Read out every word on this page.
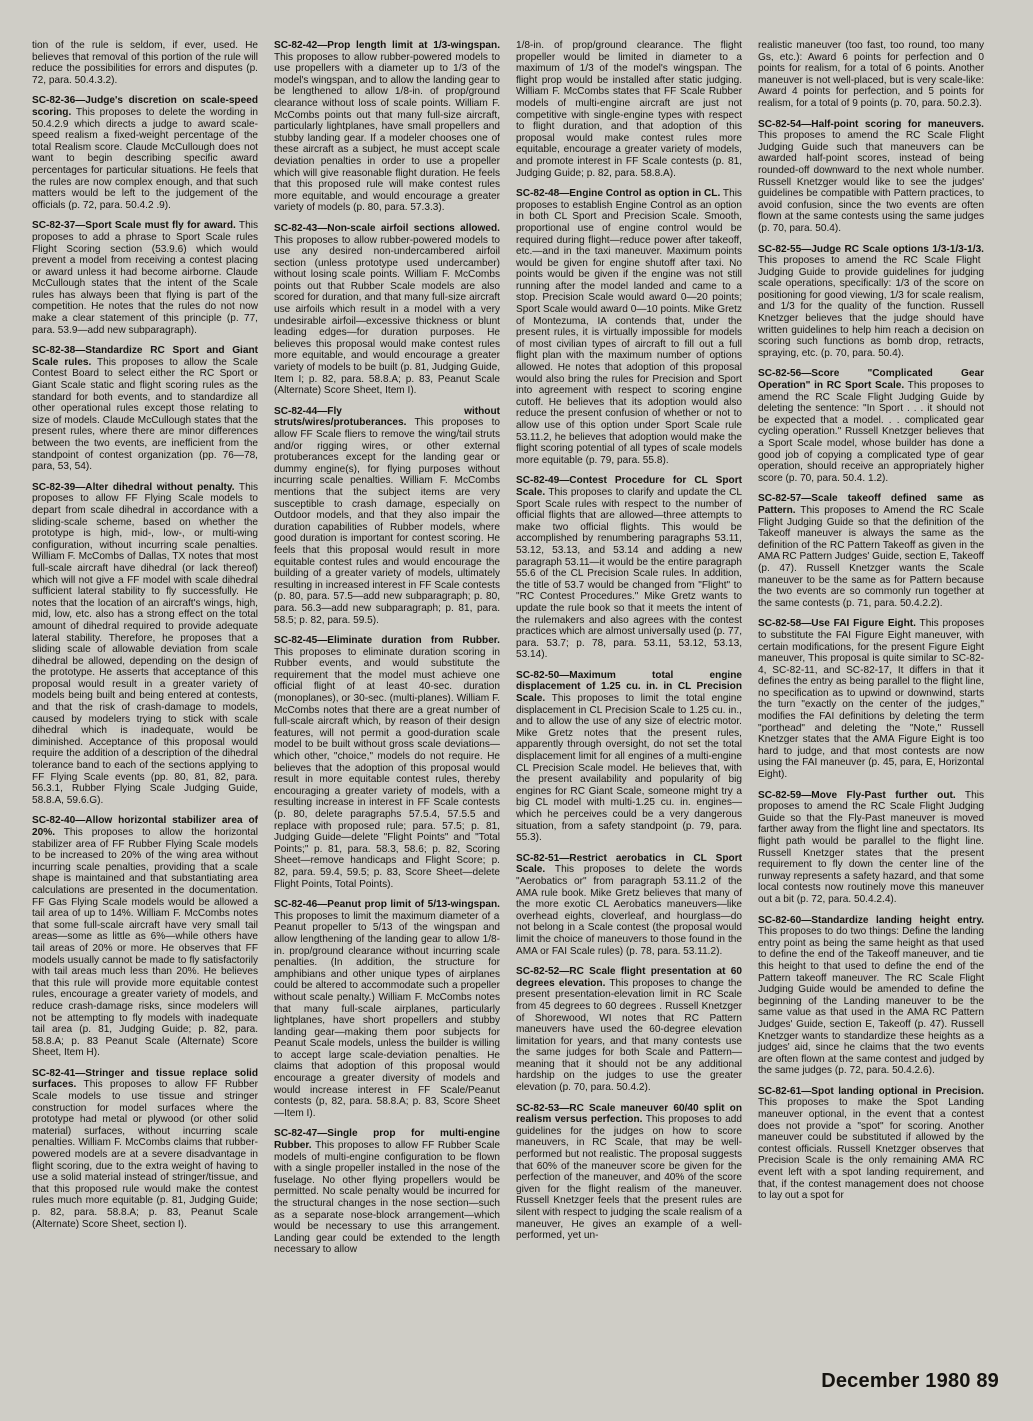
tion of the rule is seldom, if ever, used. He believes that removal of this portion of the rule will reduce the possibilities for errors and disputes (p. 72, para. 50.4.3.2).

SC-82-36—Judge's discretion on scale-speed scoring. This proposes to delete the wording in 50.4.2.9 which directs a judge to award scale-speed realism a fixed-weight percentage of the total Realism score. Claude McCullough does not want to begin describing specific award percentages for particular situations. He feels that the rules are now complex enough, and that such matters would be left to the judgement of the officials (p. 72, para. 50.4.2 .9).

SC-82-37—Sport Scale must fly for award. This proposes to add a phrase to Sport Scale rules Flight Scoring section (53.9.6) which would prevent a model from receiving a contest placing or award unless it had become airborne. Claude McCullough states that the intent of the Scale rules has always been that flying is part of the competition. He notes that the rules do not now make a clear statement of this principle (p. 77, para. 53.9—add new subparagraph).

SC-82-38—Standardize RC Sport and Giant Scale rules. This proposes to allow the Scale Contest Board to select either the RC Sport or Giant Scale static and flight scoring rules as the standard for both events, and to standardize all other operational rules except those relating to size of models. Claude McCullough states that the present rules, where there are minor differences between the two events, are inefficient from the standpoint of contest organization (pp. 76—78, para, 53, 54).

SC-82-39—Alter dihedral without penalty. This proposes to allow FF Flying Scale models to depart from scale dihedral in accordance with a sliding-scale scheme, based on whether the prototype is high, mid-, low-, or multi-wing configuration, without incurring scale penalties. William F. McCombs of Dallas, TX notes that most full-scale aircraft have dihedral (or lack thereof) which will not give a FF model with scale dihedral sufficient lateral stability to fly successfully. He notes that the location of an aircraft's wings, high, mid, low, etc. also has a strong effect on the total amount of dihedral required to provide adequate lateral stability. Therefore, he proposes that a sliding scale of allowable deviation from scale dihedral be allowed, depending on the design of the prototype. He asserts that acceptance of this proposal would result in a greater variety of models being built and being entered at contests, and that the risk of crash-damage to models, caused by modelers trying to stick with scale dihedral which is inadequate, would be diminished. Acceptance of this proposal would require the addition of a description of the dihedral tolerance band to each of the sections applying to FF Flying Scale events (pp. 80, 81, 82, para. 56.3.1, Rubber Flying Scale Judging Guide, 58.8.A, 59.6.G).

SC-82-40—Allow horizontal stabilizer area of 20%. This proposes to allow the horizontal stabilizer area of FF Rubber Flying Scale models to be increased to 20% of the wing area without incurring scale penalties, providing that a scale shape is maintained and that substantiating area calculations are presented in the documentation. FF Gas Flying Scale models would be allowed a tail area of up to 14%. William F. McCombs notes that some full-scale aircraft have very small tail areas—some as little as 6%—while others have tail areas of 20% or more. He observes that FF models usually cannot be made to fly satisfactorily with tail areas much less than 20%. He believes that this rule will provide more equitable contest rules, encourage a greater variety of models, and reduce crash-damage risks, since modelers will not be attempting to fly models with inadequate tail area (p. 81, Judging Guide; p. 82, para. 58.8.A; p. 83 Peanut Scale (Alternate) Score Sheet, Item H).

SC-82-41—Stringer and tissue replace solid surfaces. This proposes to allow FF Rubber Scale models to use tissue and stringer construction for model surfaces where the prototype had metal or plywood (or other solid material) surfaces, without incurring scale penalties. William F. McCombs claims that rubber-powered models are at a severe disadvantage in flight scoring, due to the extra weight of having to use a solid material instead of stringer/tissue, and that this proposed rule would make the contest rules much more equitable (p. 81, Judging Guide; p. 82, para. 58.8.A; p. 83, Peanut Scale (Alternate) Score Sheet, section I).

SC-82-42—Prop length limit at 1/3-wingspan. This proposes to allow rubber-powered models to use propellers with a diameter up to 1/3 of the model's wingspan, and to allow the landing gear to be lengthened to allow 1/8-in. of prop/ground clearance without loss of scale points. William F. McCombs points out that many full-size aircraft, particularly lightplanes, have small propellers and stubby landing gear. If a modeler chooses one of these aircraft as a subject, he must accept scale deviation penalties in order to use a propeller which will give reasonable flight duration. He feels that this proposed rule will make contest rules more equitable, and would encourage a greater variety of models (p. 80, para. 57.3.3).

SC-82-43—Non-scale airfoil sections allowed. This proposes to allow rubber-powered models to use any desired non-undercambered airfoil section (unless prototype used undercamber) without losing scale points. William F. McCombs points out that Rubber Scale models are also scored for duration, and that many full-size aircraft use airfoils which result in a model with a very undesirable airfoil—excessive thickness or blunt leading edges—for duration purposes. He believes this proposal would make contest rules more equitable, and would encourage a greater variety of models to be built (p. 81, Judging Guide, Item I; p. 82, para. 58.8.A; p. 83, Peanut Scale (Alternate) Score Sheet, Item I).

SC-82-44—Fly without struts/wires/protuberances. This proposes to allow FF Scale fliers to remove the wing/tail struts and/or rigging wires, or other external protuberances except for the landing gear or dummy engine(s), for flying purposes without incurring scale penalties. William F. McCombs mentions that the subject items are very susceptible to crash damage, especially on Outdoor models, and that they also impair the duration capabilities of Rubber models, where good duration is important for contest scoring. He feels that this proposal would result in more equitable contest rules and would encourage the building of a greater variety of models, ultimately resulting in increased interest in FF Scale contests (p. 80, para. 57.5—add new subparagraph; p. 80, para. 56.3—add new subparagraph; p. 81, para. 58.5; p. 82, para. 59.5).

SC-82-45—Eliminate duration from Rubber. This proposes to eliminate duration scoring in Rubber events, and would substitute the requirement that the model must achieve one official flight of at least 40-sec. duration (monoplanes), or 30-sec. (multi-planes). William F. McCombs notes that there are a great number of full-scale aircraft which, by reason of their design features, will not permit a good-duration scale model to be built without gross scale deviations—which other, "choice," models do not require. He believes that the adoption of this proposal would result in more equitable contest rules, thereby encouraging a greater variety of models, with a resulting increase in interest in FF Scale contests (p. 80, delete paragraphs 57.5.4, 57.5.5 and replace with proposed rule; para. 57.5; p. 81, Judging Guide—delete "Flight Points" and "Total Points;" p. 81, para. 58.3, 58.6; p. 82, Scoring Sheet—remove handicaps and Flight Score; p. 82, para. 59.4, 59.5; p. 83, Score Sheet—delete Flight Points, Total Points).

SC-82-46—Peanut prop limit of 5/13-wingspan. This proposes to limit the maximum diameter of a Peanut propeller to 5/13 of the wingspan and allow lengthening of the landing gear to allow 1/8-in. prop/ground clearance without incurring scale penalties. (In addition, the structure for amphibians and other unique types of airplanes could be altered to accommodate such a propeller without scale penalty.) William F. McCombs notes that many full-scale airplanes, particularly lightplanes, have short propellers and stubby landing gear—making them poor subjects for Peanut Scale models, unless the builder is willing to accept large scale-deviation penalties. He claims that adoption of this proposal would encourage a greater diversity of models and would increase interest in FF Scale/Peanut contests (p, 82, para. 58.8.A; p. 83, Score Sheet—Item I).

SC-82-47—Single prop for multi-engine Rubber. This proposes to allow FF Rubber Scale models of multi-engine configuration to be flown with a single propeller installed in the nose of the fuselage. No other flying propellers would be permitted. No scale penalty would be incurred for the structural changes in the nose section—such as a separate nose-block arrangement—which would be necessary to use this arrangement. Landing gear could be extended to the length necessary to allow

1/8-in. of prop/ground clearance. The flight propeller would be limited in diameter to a maximum of 1/3 of the model's wingspan. The flight prop would be installed after static judging. William F. McCombs states that FF Scale Rubber models of multi-engine aircraft are just not competitive with single-engine types with respect to flight duration, and that adoption of this proposal would make contest rules more equitable, encourage a greater variety of models, and promote interest in FF Scale contests (p. 81, Judging Guide; p. 82, para. 58.8.A).

SC-82-48—Engine Control as option in CL. This proposes to establish Engine Control as an option in both CL Sport and Precision Scale. Smooth, proportional use of engine control would be required during flight—reduce power after takeoff, etc.—and in the taxi maneuver. Maximum points would be given for engine shutoff after taxi. No points would be given if the engine was not still running after the model landed and came to a stop. Precision Scale would award 0—20 points; Sport Scale would award 0—10 points. Mike Gretz of Montezuma, IA contends that, under the present rules, it is virtually impossible for models of most civilian types of aircraft to fill out a full flight plan with the maximum number of options allowed. He notes that adoption of this proposal would also bring the rules for Precision and Sport into agreement with respect to scoring engine cutoff. He believes that its adoption would also reduce the present confusion of whether or not to allow use of this option under Sport Scale rule 53.11.2, he believes that adoption would make the flight scoring potential of all types of scale models more equitable (p. 79, para. 55.8).

SC-82-49—Contest Procedure for CL Sport Scale. This proposes to clarify and update the CL Sport Scale rules with respect to the number of official flights that are allowed—three attempts to make two official flights. This would be accomplished by renumbering paragraphs 53.11, 53.12, 53.13, and 53.14 and adding a new paragraph 53.11—it would be the entire paragraph 55.6 of the CL Precision Scale rules. In addition, the title of 53.7 would be changed from "Flight" to "RC Contest Procedures." Mike Gretz wants to update the rule book so that it meets the intent of the rulemakers and also agrees with the contest practices which are almost universally used (p. 77, para. 53.7; p. 78, para. 53.11, 53.12, 53.13, 53.14).

SC-82-50—Maximum total engine displacement of 1.25 cu. in. in CL Precision Scale. This proposes to limit the total engine displacement in CL Precision Scale to 1.25 cu. in., and to allow the use of any size of electric motor. Mike Gretz notes that the present rules, apparently through oversight, do not set the total displacement limit for all engines of a multi-engine CL Precision Scale model. He believes that, with the present availability and popularity of big engines for RC Giant Scale, someone might try a big CL model with multi-1.25 cu. in. engines—which he perceives could be a very dangerous situation, from a safety standpoint (p. 79, para. 55.3).

SC-82-51—Restrict aerobatics in CL Sport Scale. This proposes to delete the words "Aerobatics or" from paragraph 53.11.2 of the AMA rule book. Mike Gretz believes that many of the more exotic CL Aerobatics maneuvers—like overhead eights, cloverleaf, and hourglass—do not belong in a Scale contest (the proposal would limit the choice of maneuvers to those found in the AMA or FAI Scale rules) (p. 78, para. 53.11.2).

SC-82-52—RC Scale flight presentation at 60 degrees elevation. This proposes to change the present presentation-elevation limit in RC Scale from 45 degrees to 60 degrees . Russell Knetzger of Shorewood, WI notes that RC Pattern maneuvers have used the 60-degree elevation limitation for years, and that many contests use the same judges for both Scale and Pattern—meaning that it should not be any additional hardship on the judges to use the greater elevation (p. 70, para. 50.4.2).

SC-82-53—RC Scale maneuver 60/40 split on realism versus perfection. This proposes to add guidelines for the judges on how to score maneuvers, in RC Scale, that may be well-performed but not realistic. The proposal suggests that 60% of the maneuver score be given for the perfection of the maneuver, and 40% of the score given for the flight realism of the maneuver. Russell Knetzger feels that the present rules are silent with respect to judging the scale realism of a maneuver, He gives an example of a well-performed, yet un-

realistic maneuver (too fast, too round, too many Gs, etc.): Award 6 points for perfection and 0 points for realism, for a total of 6 points. Another maneuver is not well-placed, but is very scale-like: Award 4 points for perfection, and 5 points for realism, for a total of 9 points (p. 70, para. 50.2.3).

SC-82-54—Half-point scoring for maneuvers. This proposes to amend the RC Scale Flight Judging Guide such that maneuvers can be awarded half-point scores, instead of being rounded-off downward to the next whole number. Russell Knetzger would like to see the judges' guidelines be compatible with Pattern practices, to avoid confusion, since the two events are often flown at the same contests using the same judges (p. 70, para. 50.4).

SC-82-55—Judge RC Scale options 1/3-1/3-1/3. This proposes to amend the RC Scale Flight Judging Guide to provide guidelines for judging scale operations, specifically: 1/3 of the score on positioning for good viewing, 1/3 for scale realism, and 1/3 for the quality of the function. Russell Knetzger believes that the judge should have written guidelines to help him reach a decision on scoring such functions as bomb drop, retracts, spraying, etc. (p. 70, para. 50.4).

SC-82-56—Score "Complicated Gear Operation" in RC Sport Scale. This proposes to amend the RC Scale Flight Judging Guide by deleting the sentence: "In Sport . . . it should not be expected that a model. . . complicated gear cycling operation." Russell Knetzger believes that a Sport Scale model, whose builder has done a good job of copying a complicated type of gear operation, should receive an appropriately higher score (p. 70, para. 50.4. 1.2).

SC-82-57—Scale takeoff defined same as Pattern. This proposes to Amend the RC Scale Flight Judging Guide so that the definition of the Takeoff maneuver is always the same as the definition of the RC Pattern Takeoff as given in the AMA RC Pattern Judges' Guide, section E, Takeoff (p. 47). Russell Knetzger wants the Scale maneuver to be the same as for Pattern because the two events are so commonly run together at the same contests (p. 71, para. 50.4.2.2).

SC-82-58—Use FAI Figure Eight. This proposes to substitute the FAI Figure Eight maneuver, with certain modifications, for the present Figure Eight maneuver, This proposal is quite similar to SC-82-4, SC-82-11, and SC-82-17, It differs in that it defines the entry as being parallel to the flight line, no specification as to upwind or downwind, starts the turn "exactly on the center of the judges," modifies the FAI definitions by deleting the term "porthead" and deleting the "Note," Russell Knetzger states that the AMA Figure Eight is too hard to judge, and that most contests are now using the FAI maneuver (p. 45, para, E, Horizontal Eight).

SC-82-59—Move Fly-Past further out. This proposes to amend the RC Scale Flight Judging Guide so that the Fly-Past maneuver is moved farther away from the flight line and spectators. Its flight path would be parallel to the flight line. Russell Knetzger states that the present requirement to fly down the center line of the runway represents a safety hazard, and that some local contests now routinely move this maneuver out a bit (p. 72, para. 50.4.2.4).

SC-82-60—Standardize landing height entry. This proposes to do two things: Define the landing entry point as being the same height as that used to define the end of the Takeoff maneuver, and tie this height to that used to define the end of the Pattern takeoff maneuver. The RC Scale Flight Judging Guide would be amended to define the beginning of the Landing maneuver to be the same value as that used in the AMA RC Pattern Judges' Guide, section E, Takeoff (p. 47). Russell Knetzger wants to standardize these heights as a judges' aid, since he claims that the two events are often flown at the same contest and judged by the same judges (p. 72, para. 50.4.2.6).

SC-82-61—Spot landing optional in Precision. This proposes to make the Spot Landing maneuver optional, in the event that a contest does not provide a "spot" for scoring. Another maneuver could be substituted if allowed by the contest officials. Russell Knetzger observes that Precision Scale is the only remaining AMA RC event left with a spot landing requirement, and that, if the contest management does not choose to lay out a spot for

December 1980 89
